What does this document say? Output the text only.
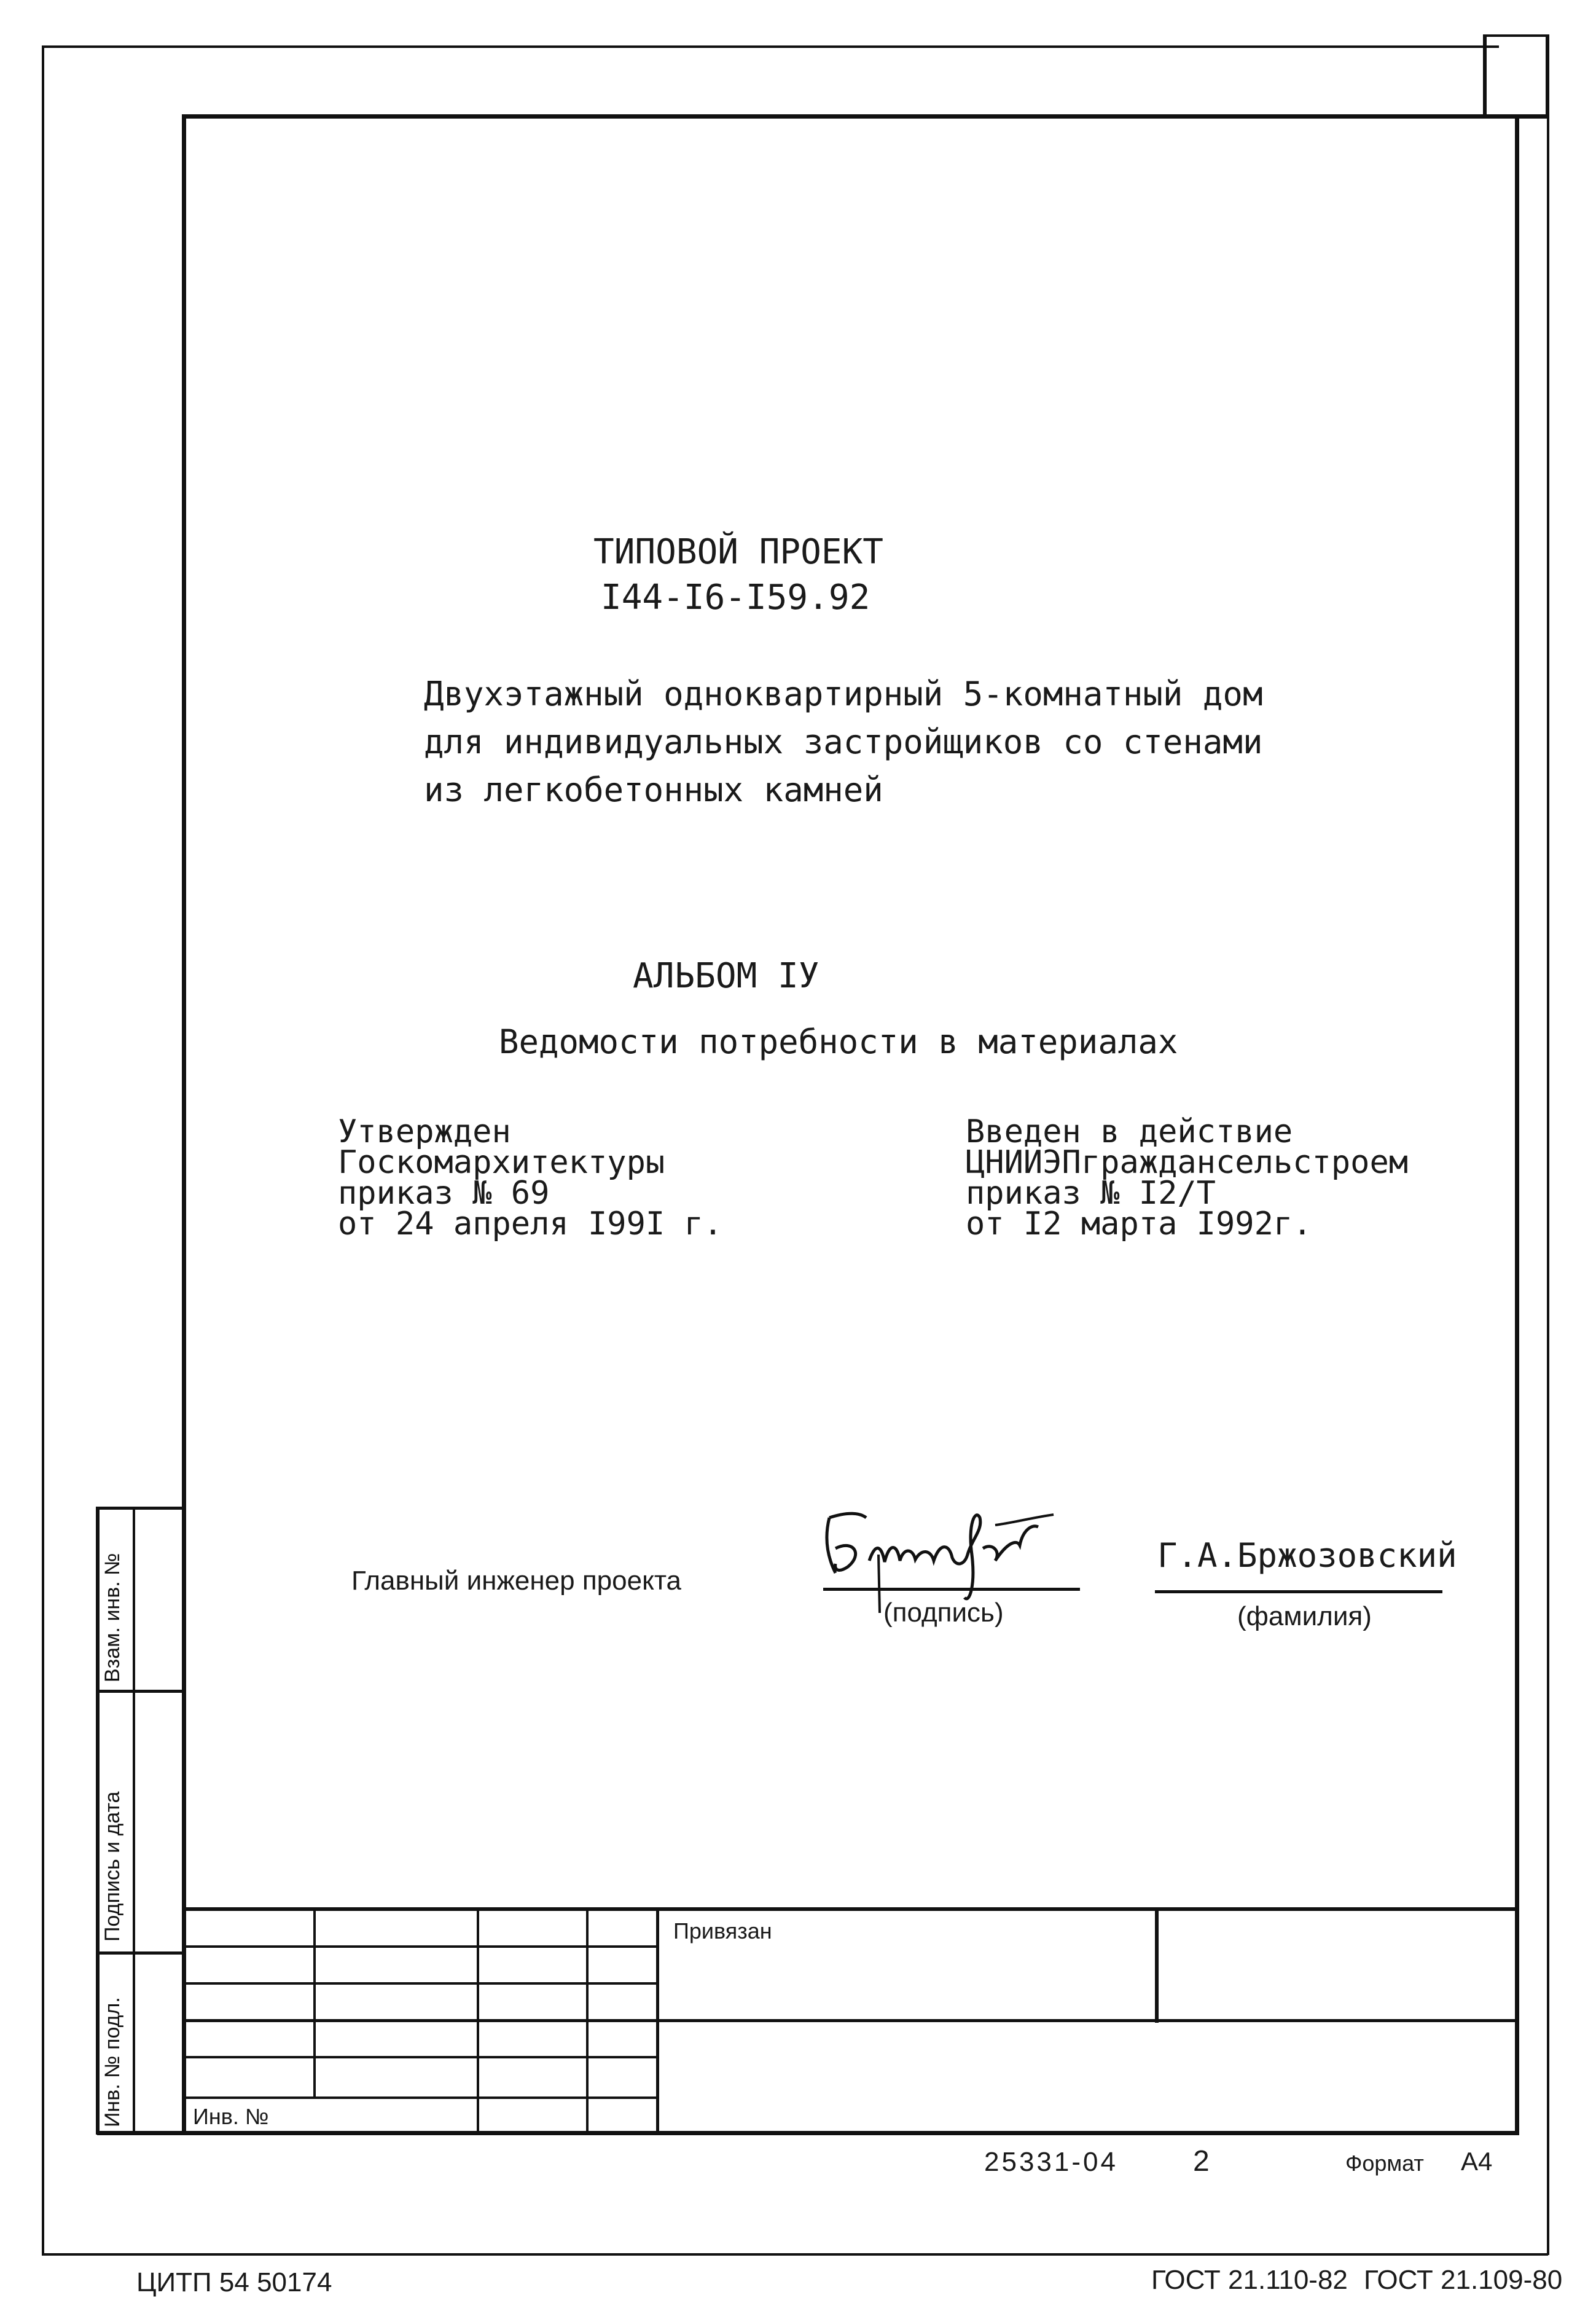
ТИПОВОЙ ПРОЕКТ
I44-I6-I59.92
Двухэтажный одноквартирный 5-комнатный дом
для индивидуальных застройщиков со стенами
из легкобетонных камней
АЛЬБОМ IУ
Ведомости потребности в материалах
Утвержден
Госкомархитектуры
приказ № 69
от 24 апреля I99I г.
Введен в действие
ЦНИИЭПгражданcельстроем
приказ № I2/Т
от I2 марта I992г.
Главный инженер проекта
(подпись)
Г.А.Бржозовский
(фамилия)
Взам. инв. №
Подпись и дата
Инв. № подл.
Привязан
Инв. №
25331-04	2	Формат А4
ЦИТП 54 50174	ГОСТ 21.110-82 ГОСТ 21.109-80
